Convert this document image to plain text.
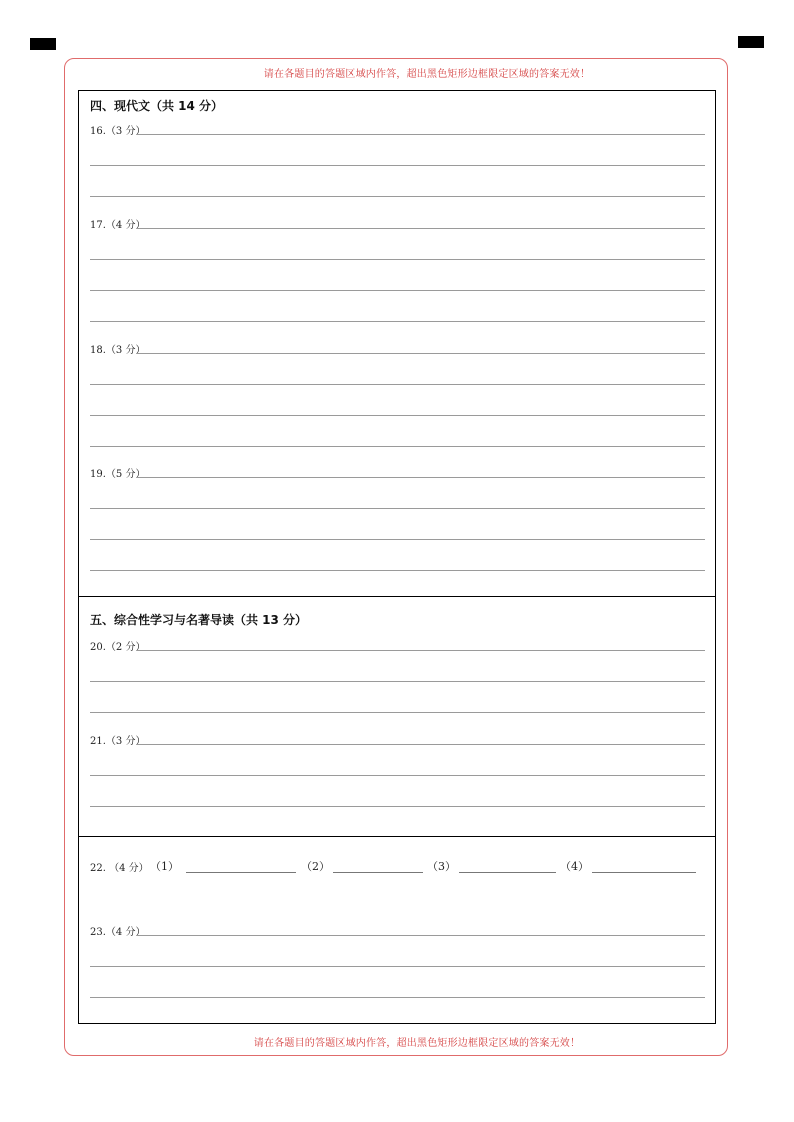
请在各题目的答题区域内作答，超出黑色矩形边框限定区域的答案无效！
请在各题目的答题区域内作答，超出黑色矩形边框限定区域的答案无效！
四、现代文（共 14 分）
16.（3 分）
17.（4 分）
18.（3 分）
19.（5 分）
五、综合性学习与名著导读（共 13 分）
20.（2 分）
21.（3 分）
22. （4 分） （1）	（2）	（3）	（4）
23.（4 分）
